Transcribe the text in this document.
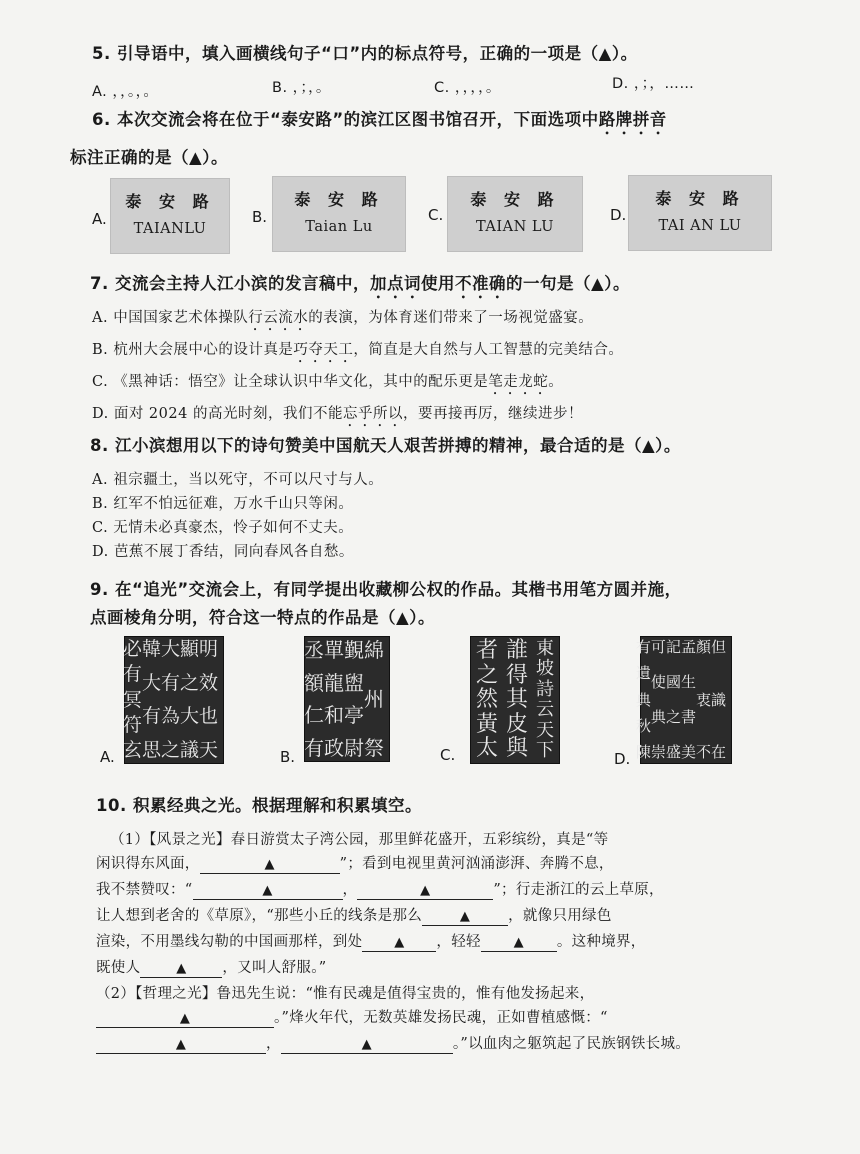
5. 引导语中，填入画横线句子“口”内的标点符号，正确的一项是（▲）。
A. ，，。，。	B. ，；，。	C. ，，，，。	D. ，；，……
6. 本次交流会将在位于“泰安路”的滨江区图书馆召开，下面选项中路牌拼音
标注正确的是（▲）。
A.
泰 安 路
TAIANLU
B.
泰 安 路
Taian Lu
C.
泰 安 路
TAIAN LU
D.
泰 安 路
TAI AN LU
7. 交流会主持人江小滨的发言稿中，加点词使用不准确的一句是（▲）。
A. 中国国家艺术体操队行云流水的表演，为体育迷们带来了一场视觉盛宴。
B. 杭州大会展中心的设计真是巧夺天工，简直是大自然与人工智慧的完美结合。
C. 《黑神话：悟空》让全球认识中华文化，其中的配乐更是笔走龙蛇。
D. 面对 2024 的高光时刻，我们不能忘乎所以，要再接再厉，继续进步！
8. 江小滨想用以下的诗句赞美中国航天人艰苦拼搏的精神，最合适的是（▲）。
A. 祖宗疆土，当以死守，不可以尺寸与人。
B. 红军不怕远征难，万水千山只等闲。
C. 无情未必真豪杰，怜子如何不丈夫。
D. 芭蕉不展丁香结，同向春风各自愁。
9. 在“追光”交流会上，有同学提出收藏柳公权的作品。其楷书用笔方圆并施，
点画棱角分明，符合这一特点的作品是（▲）。
A.
明
效
也
天
顯
之
大
議
大
有
為
之
韓
大
有
思
必
有
冥
符
玄	B.
綿
州
祭
覲
盥
亭
尉
單
龍
和
政
丞
額
仁
有	C.
東
坡
詩
云
天
下
誰
得
其
皮
與
者
之
然
黃
太	D.
但
識
在
顏
衷
不
孟
生
書
美
記
國
之
盛
可
使
典
崇
有
遺
典
秋
陳
10. 积累经典之光。根据理解和积累填空。
（1）【风景之光】春日游赏太子湾公园，那里鲜花盛开，五彩缤纷，真是“等
闲识得东风面，	▲	”；看到电视里黄河汹涌澎湃、奔腾不息，
我不禁赞叹：“	▲	，	▲	”；行走浙江的云上草原，
让人想到老舍的《草原》，“那些小丘的线条是那么	▲	，就像只用绿色
渲染，不用墨线勾勒的中国画那样，到处 ▲ ，轻轻	▲ 。这种境界，
既使人	▲ ，又叫人舒服。”
（2）【哲理之光】鲁迅先生说：“惟有民魂是值得宝贵的，惟有他发扬起来，
▲	。”烽火年代，无数英雄发扬民魂，正如曹植感慨：“
▲	，	▲	。”以血肉之躯筑起了民族钢铁长城。
